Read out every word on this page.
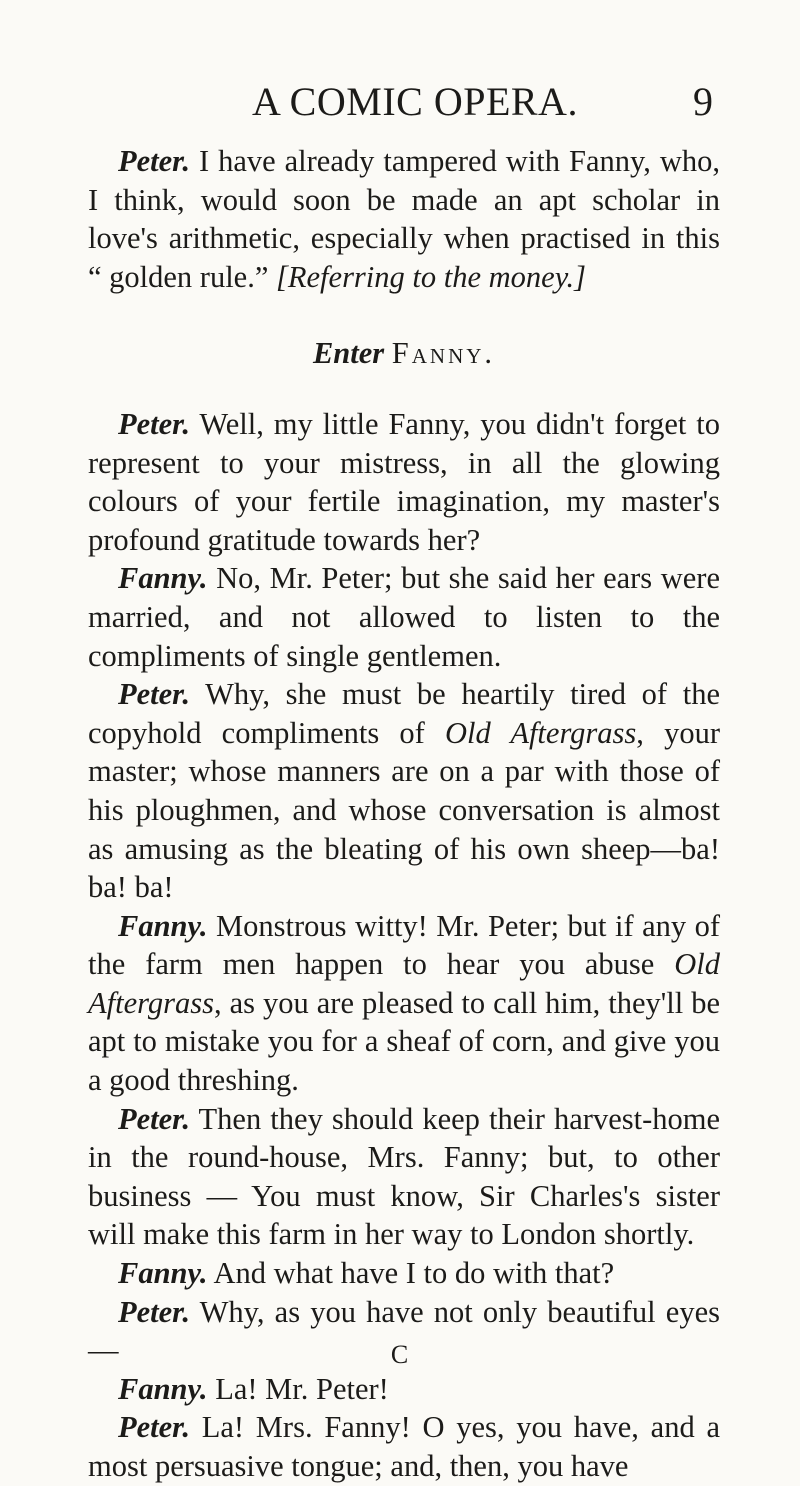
A COMIC OPERA.	9

Peter. I have already tampered with Fanny, who, I think, would soon be made an apt scholar in love's arithmetic, especially when practised in this “ golden rule.” [Referring to the money.]

Enter Fanny.

Peter. Well, my little Fanny, you didn't forget to represent to your mistress, in all the glowing colours of your fertile imagination, my master's profound gratitude towards her?

Fanny. No, Mr. Peter; but she said her ears were married, and not allowed to listen to the compliments of single gentlemen.

Peter. Why, she must be heartily tired of the copyhold compliments of Old Aftergrass, your master; whose manners are on a par with those of his ploughmen, and whose conversation is almost as amusing as the bleating of his own sheep—ba! ba! ba!

Fanny. Monstrous witty! Mr. Peter; but if any of the farm men happen to hear you abuse Old Aftergrass, as you are pleased to call him, they'll be apt to mistake you for a sheaf of corn, and give you a good threshing.

Peter. Then they should keep their harvest-home in the round-house, Mrs. Fanny; but, to other business — You must know, Sir Charles's sister will make this farm in her way to London shortly.

Fanny. And what have I to do with that?

Peter. Why, as you have not only beautiful eyes—

Fanny. La! Mr. Peter!

Peter. La! Mrs. Fanny! O yes, you have, and a most persuasive tongue; and, then, you have

C
